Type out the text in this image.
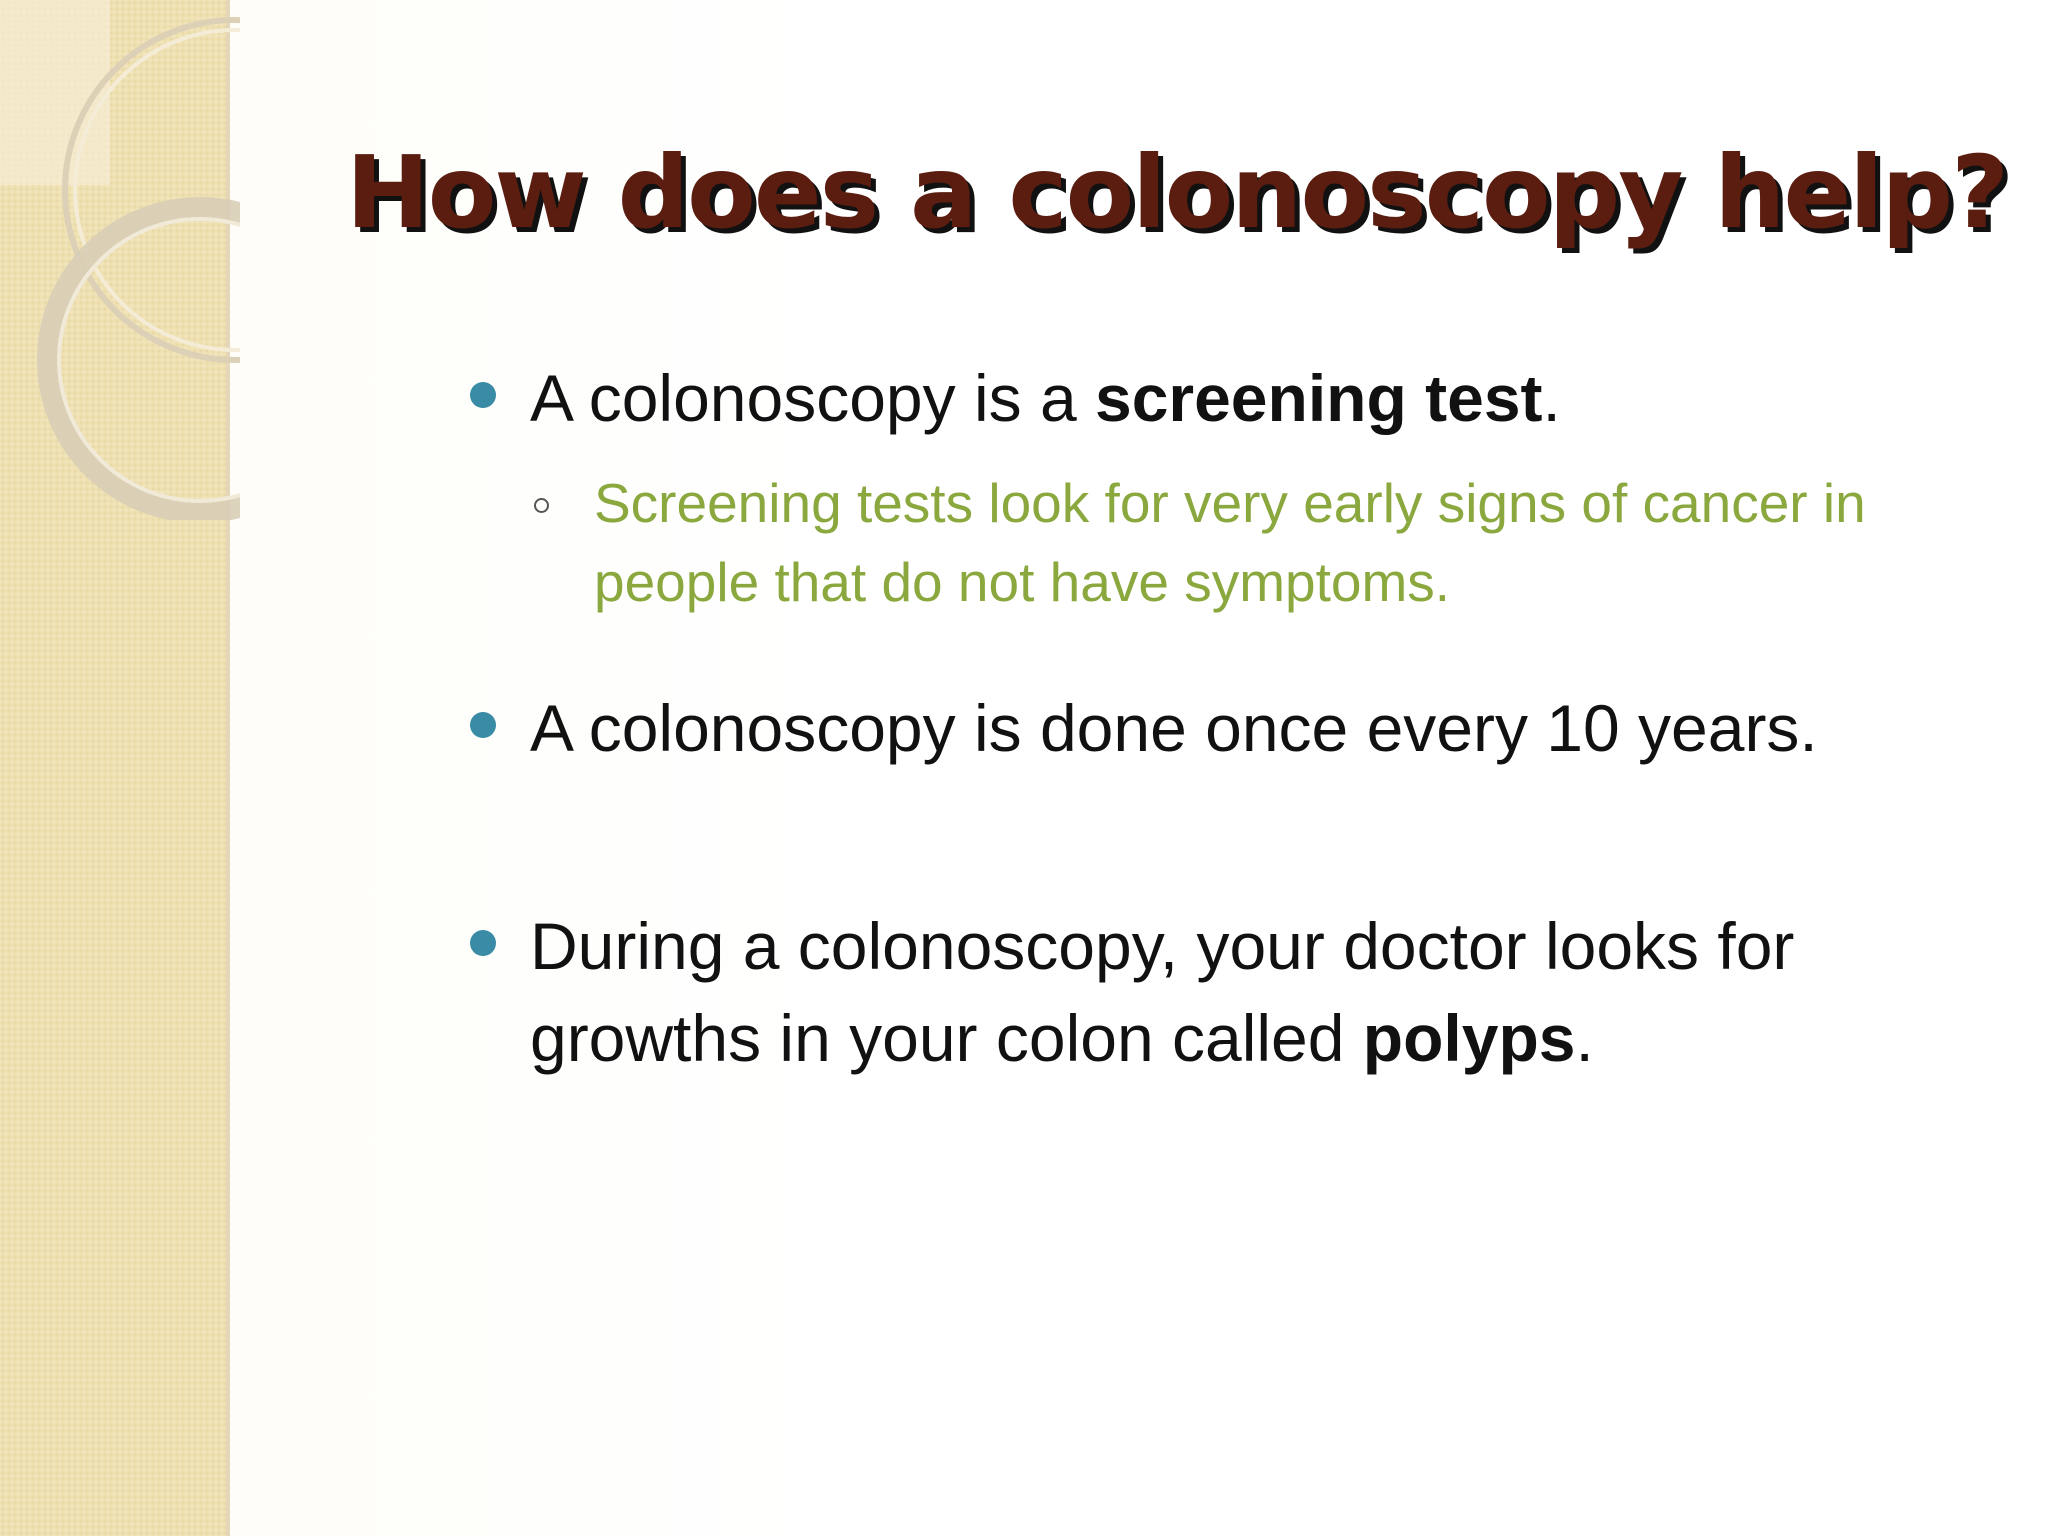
How does a colonoscopy help?
A colonoscopy is a screening test.
Screening tests look for very early signs of cancer in people that do not have symptoms.
A colonoscopy is done once every 10 years.
During a colonoscopy, your doctor looks for growths in your colon called polyps.
